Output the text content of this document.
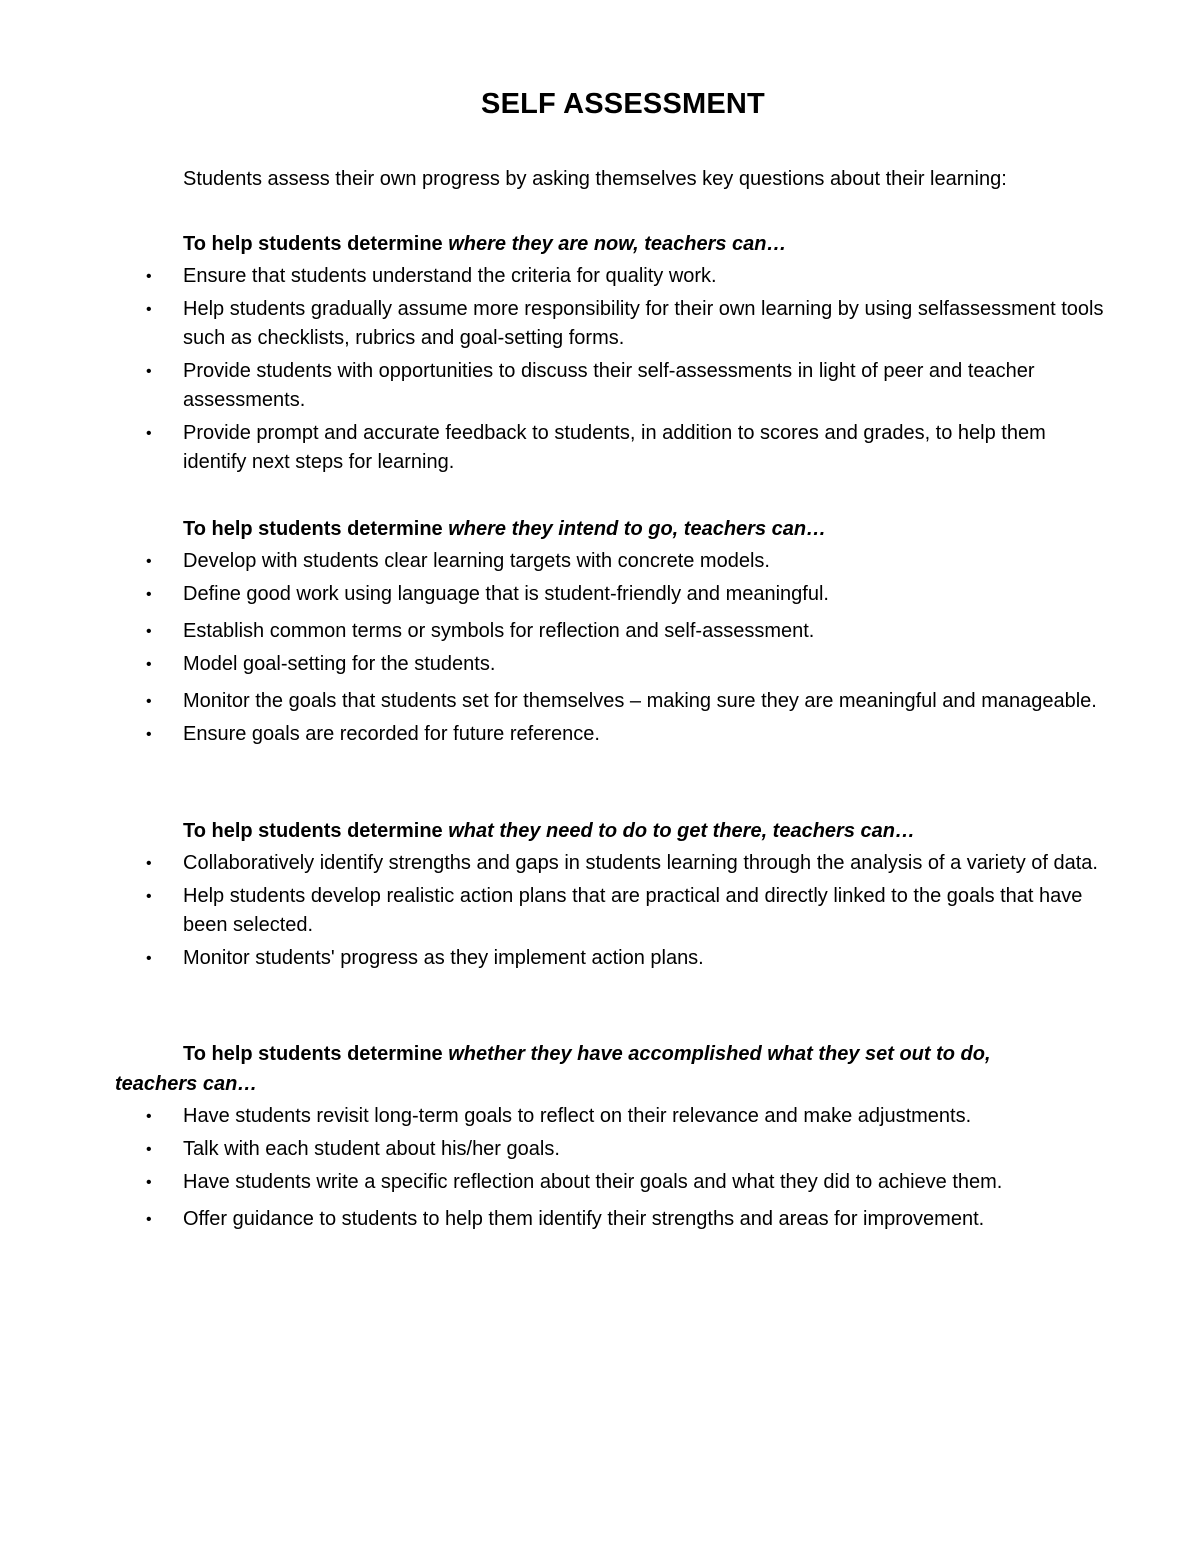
SELF ASSESSMENT

Students assess their own progress by asking themselves key questions about their learning:

To help students determine where they are now, teachers can…

• Ensure that students understand the criteria for quality work.
• Help students gradually assume more responsibility for their own learning by using selfassessment tools such as checklists, rubrics and goal-setting forms.
• Provide students with opportunities to discuss their self-assessments in light of peer and teacher assessments.
• Provide prompt and accurate feedback to students, in addition to scores and grades, to help them identify next steps for learning.

To help students determine where they intend to go, teachers can…

• Develop with students clear learning targets with concrete models.
• Define good work using language that is student-friendly and meaningful.
• Establish common terms or symbols for reflection and self-assessment.
• Model goal-setting for the students.
• Monitor the goals that students set for themselves – making sure they are meaningful and manageable.
• Ensure goals are recorded for future reference.

To help students determine what they need to do to get there, teachers can…

• Collaboratively identify strengths and gaps in students learning through the analysis of a variety of data.
• Help students develop realistic action plans that are practical and directly linked to the goals that have been selected.
• Monitor students' progress as they implement action plans.

To help students determine whether they have accomplished what they set out to do,
teachers can…

• Have students revisit long-term goals to reflect on their relevance and make adjustments.
• Talk with each student about his/her goals.
• Have students write a specific reflection about their goals and what they did to achieve them.
• Offer guidance to students to help them identify their strengths and areas for improvement.
